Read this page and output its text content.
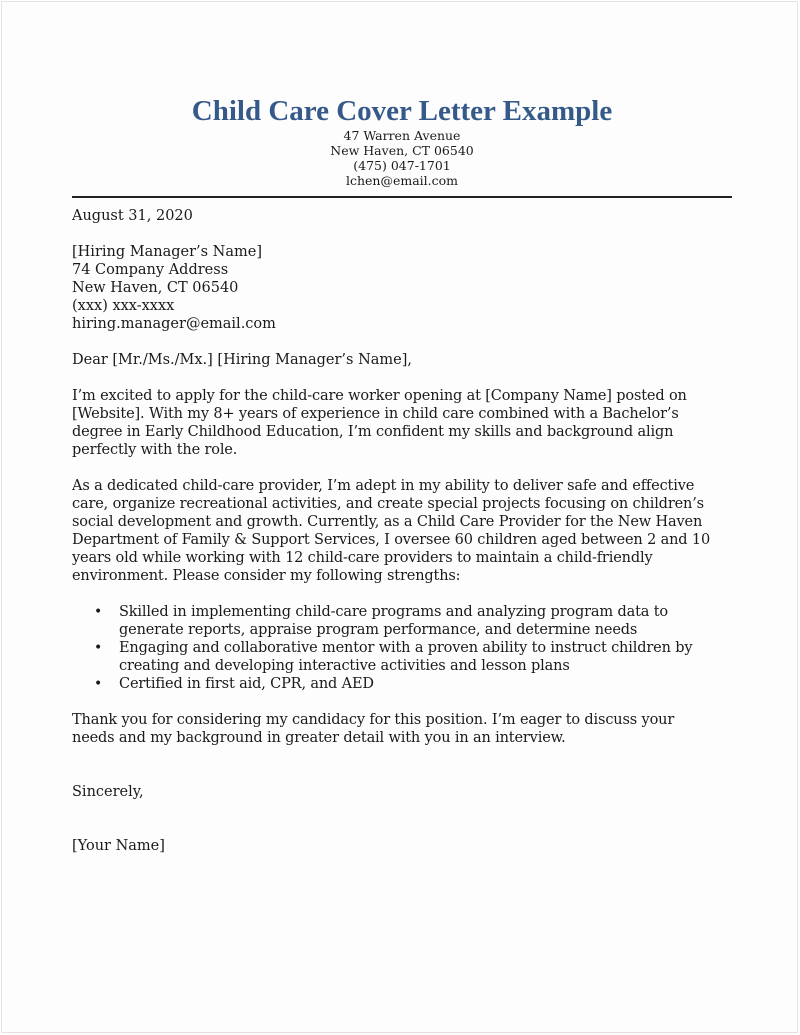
Child Care Cover Letter Example
47 Warren Avenue
New Haven, CT 06540
(475) 047-1701
lchen@email.com
August 31, 2020
[Hiring Manager’s Name]
74 Company Address
New Haven, CT 06540
(xxx) xxx-xxxx
hiring.manager@email.com
Dear [Mr./Ms./Mx.] [Hiring Manager’s Name],
I’m excited to apply for the child-care worker opening at [Company Name] posted on
[Website]. With my 8+ years of experience in child care combined with a Bachelor’s
degree in Early Childhood Education, I’m confident my skills and background align
perfectly with the role.
As a dedicated child-care provider, I’m adept in my ability to deliver safe and effective
care, organize recreational activities, and create special projects focusing on children’s
social development and growth. Currently, as a Child Care Provider for the New Haven
Department of Family & Support Services, I oversee 60 children aged between 2 and 10
years old while working with 12 child-care providers to maintain a child-friendly
environment. Please consider my following strengths:
• Skilled in implementing child-care programs and analyzing program data to
generate reports, appraise program performance, and determine needs
• Engaging and collaborative mentor with a proven ability to instruct children by
creating and developing interactive activities and lesson plans
• Certified in first aid, CPR, and AED
Thank you for considering my candidacy for this position. I’m eager to discuss your
needs and my background in greater detail with you in an interview.
Sincerely,
[Your Name]
